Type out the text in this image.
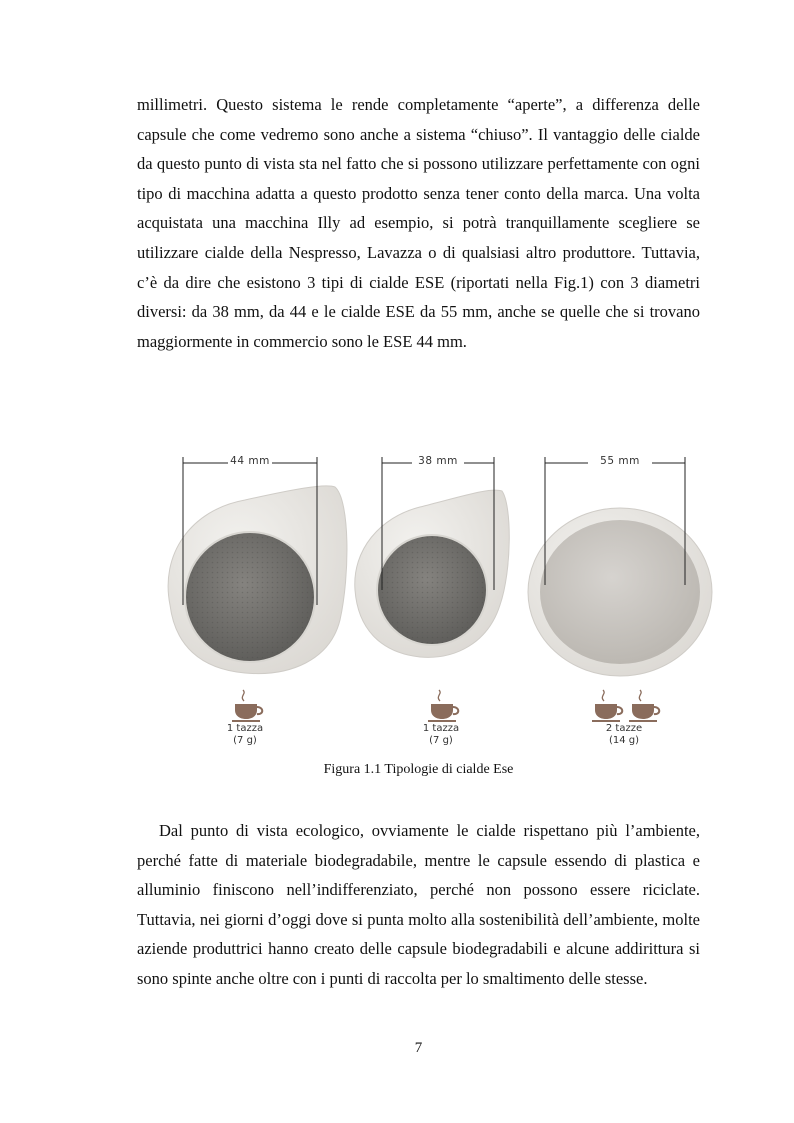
millimetri. Questo sistema le rende completamente “aperte”, a differenza delle capsule che come vedremo sono anche a sistema “chiuso”. Il vantaggio delle cialde da questo punto di vista sta nel fatto che si possono utilizzare perfettamente con ogni tipo di macchina adatta a questo prodotto senza tener conto della marca. Una volta acquistata una macchina Illy ad esempio, si potrà tranquillamente scegliere se utilizzare cialde della Nespresso, Lavazza o di qualsiasi altro produttore. Tuttavia, c’è da dire che esistono 3 tipi di cialde ESE (riportati nella Fig.1) con 3 diametri diversi: da 38 mm, da 44 e le cialde ESE da 55 mm, anche se quelle che si trovano maggiormente in commercio sono le ESE 44 mm.

44 mm	38 mm	55 mm
1 tazza
(7 g)
1 tazza
(7 g)
2 tazze
(14 g)
Figura 1.1 Tipologie di cialde Ese

Dal punto di vista ecologico, ovviamente le cialde rispettano più l’ambiente, perché fatte di materiale biodegradabile, mentre le capsule essendo di plastica e alluminio finiscono nell’indifferenziato, perché non possono essere riciclate. Tuttavia, nei giorni d’oggi dove si punta molto alla sostenibilità dell’ambiente, molte aziende produttrici hanno creato delle capsule biodegradabili e alcune addirittura si sono spinte anche oltre con i punti di raccolta per lo smaltimento delle stesse.

7
